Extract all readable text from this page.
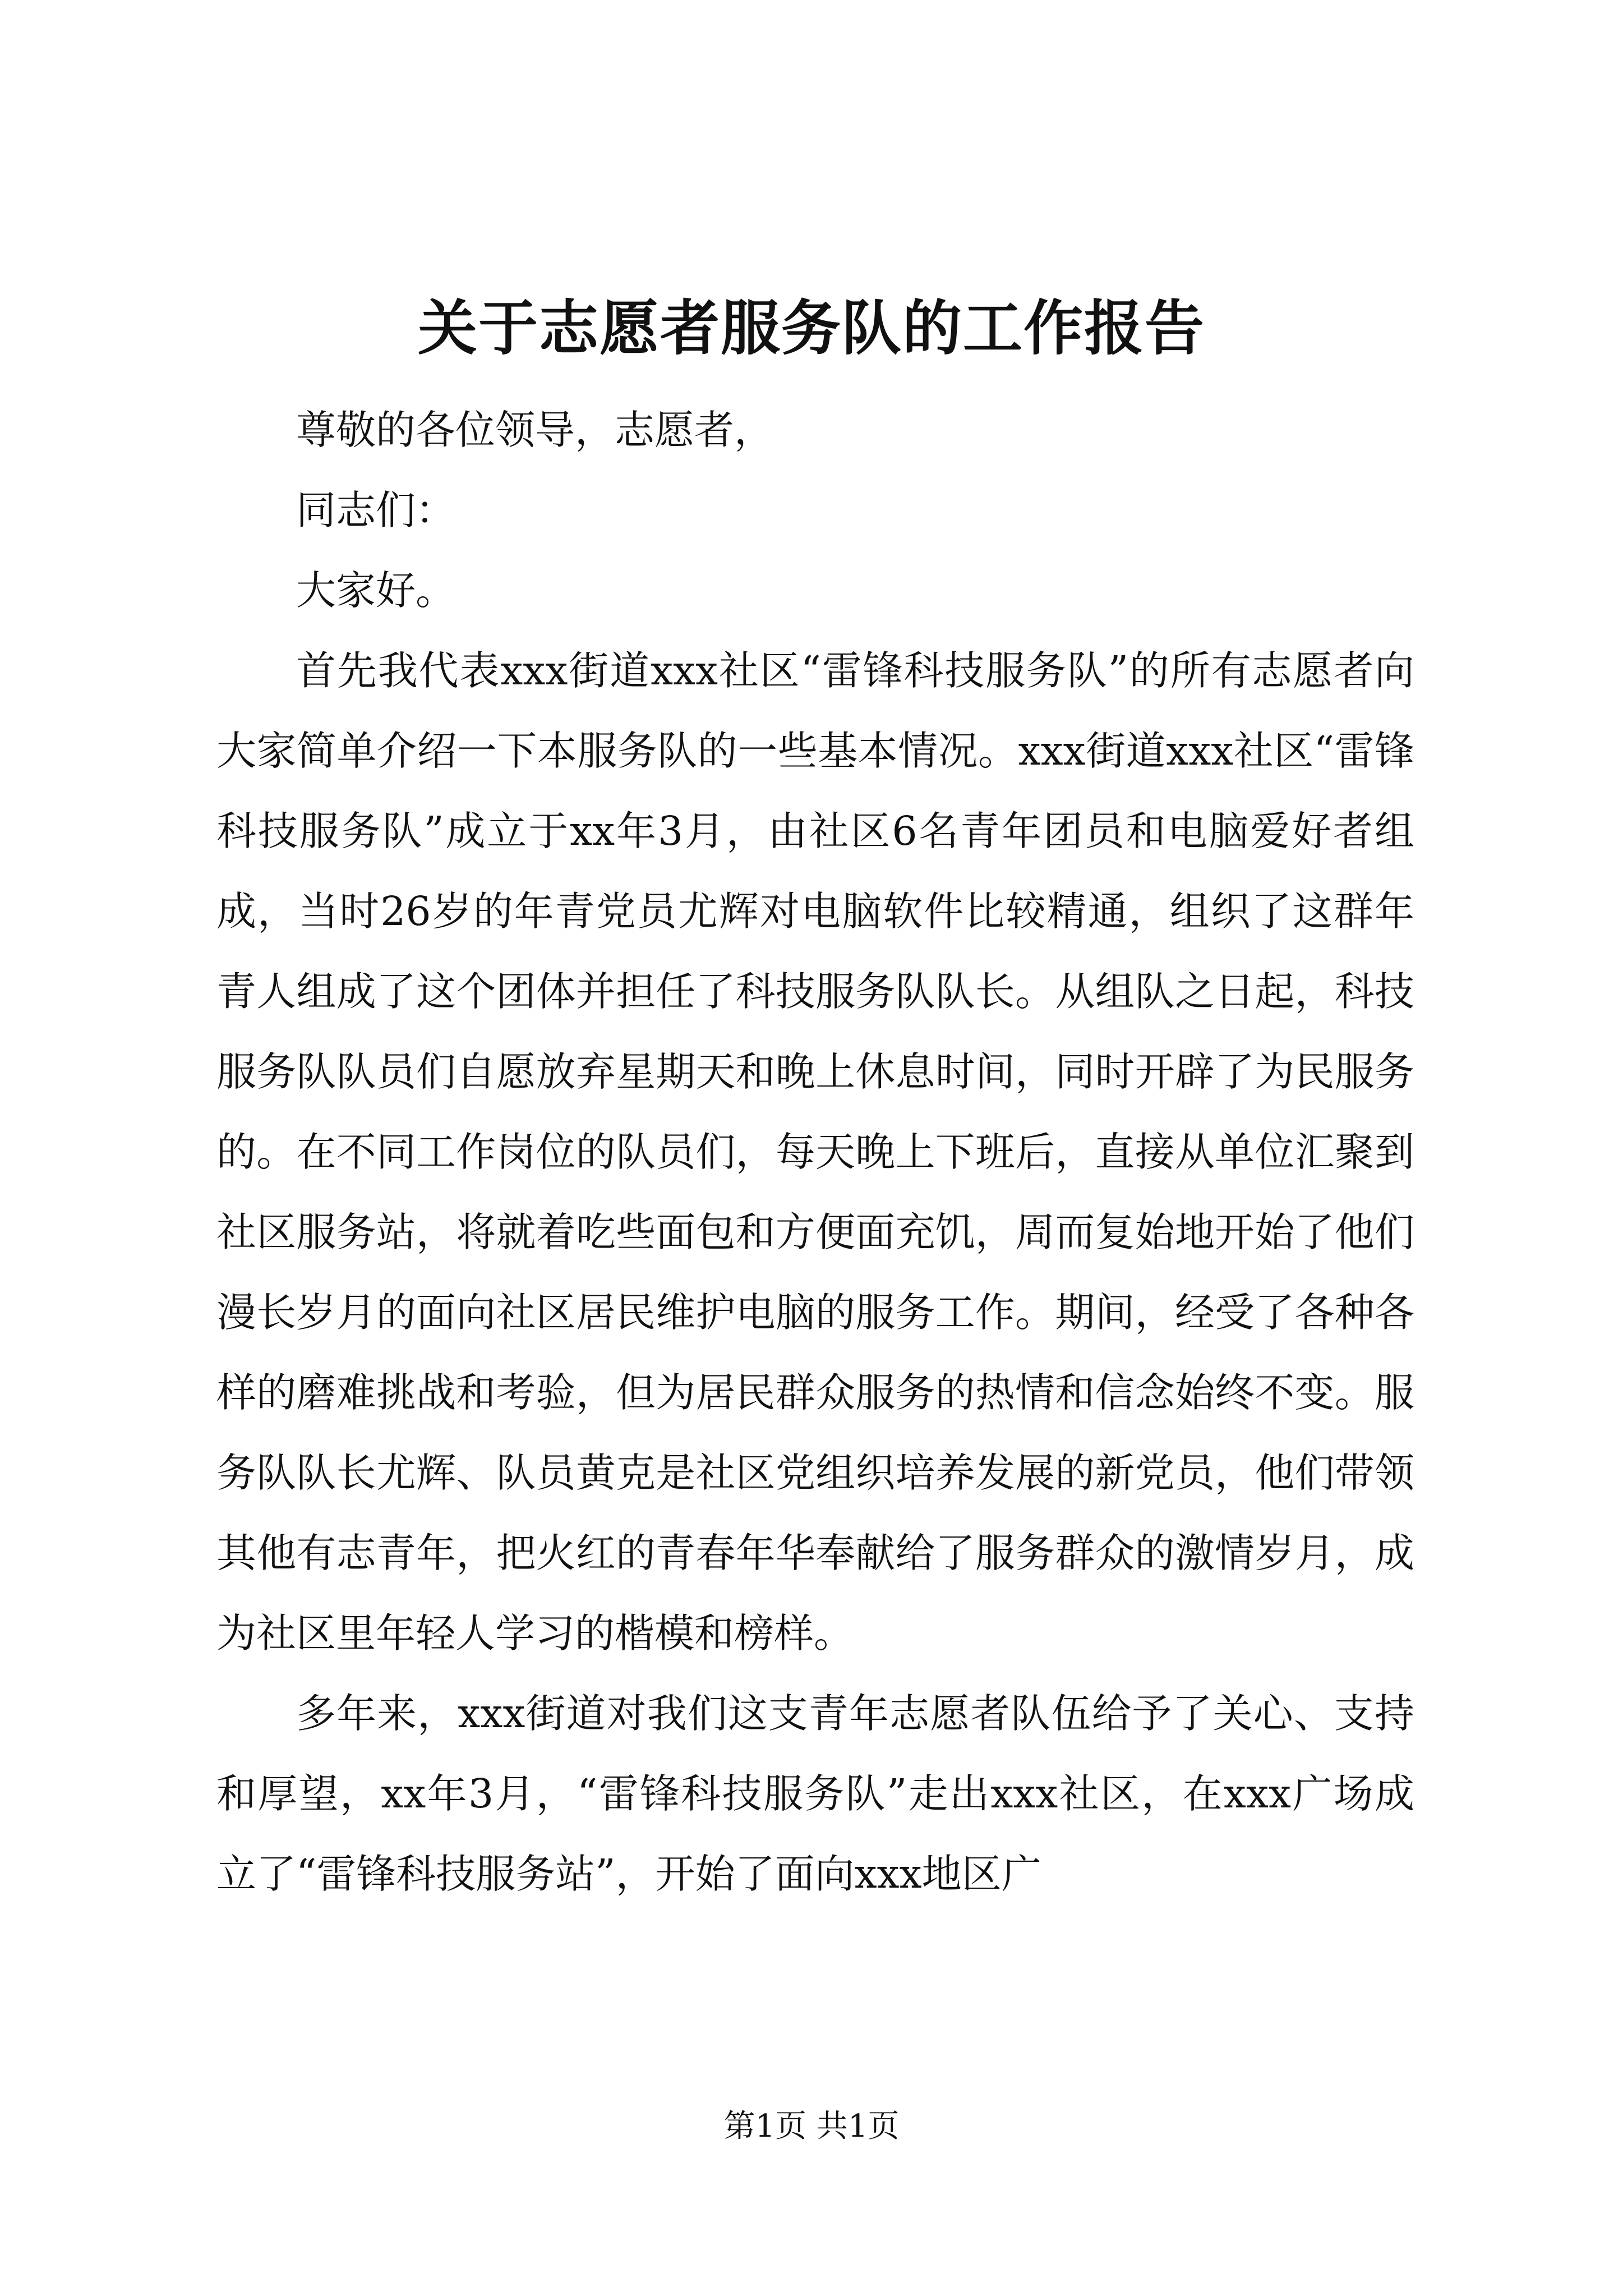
关于志愿者服务队的工作报告

尊敬的各位领导，志愿者，

同志们：

大家好。

首先我代表xxx街道xxx社区“雷锋科技服务队”的所有志愿者向大家简单介绍一下本服务队的一些基本情况。xxx街道xxx社区“雷锋科技服务队”成立于xx年3月，由社区6名青年团员和电脑爱好者组成，当时26岁的年青党员尤辉对电脑软件比较精通，组织了这群年青人组成了这个团体并担任了科技服务队队长。从组队之日起，科技服务队队员们自愿放弃星期天和晚上休息时间，同时开辟了为民服务的。在不同工作岗位的队员们，每天晚上下班后，直接从单位汇聚到社区服务站，将就着吃些面包和方便面充饥，周而复始地开始了他们漫长岁月的面向社区居民维护电脑的服务工作。期间，经受了各种各样的磨难挑战和考验，但为居民群众服务的热情和信念始终不变。服务队队长尤辉、队员黄克是社区党组织培养发展的新党员，他们带领其他有志青年，把火红的青春年华奉献给了服务群众的激情岁月，成为社区里年轻人学习的楷模和榜样。

多年来，xxx街道对我们这支青年志愿者队伍给予了关心、支持和厚望，xx年3月，“雷锋科技服务队”走出xxx社区，在xxx广场成立了“雷锋科技服务站”，开始了面向xxx地区广

第1页 共1页
